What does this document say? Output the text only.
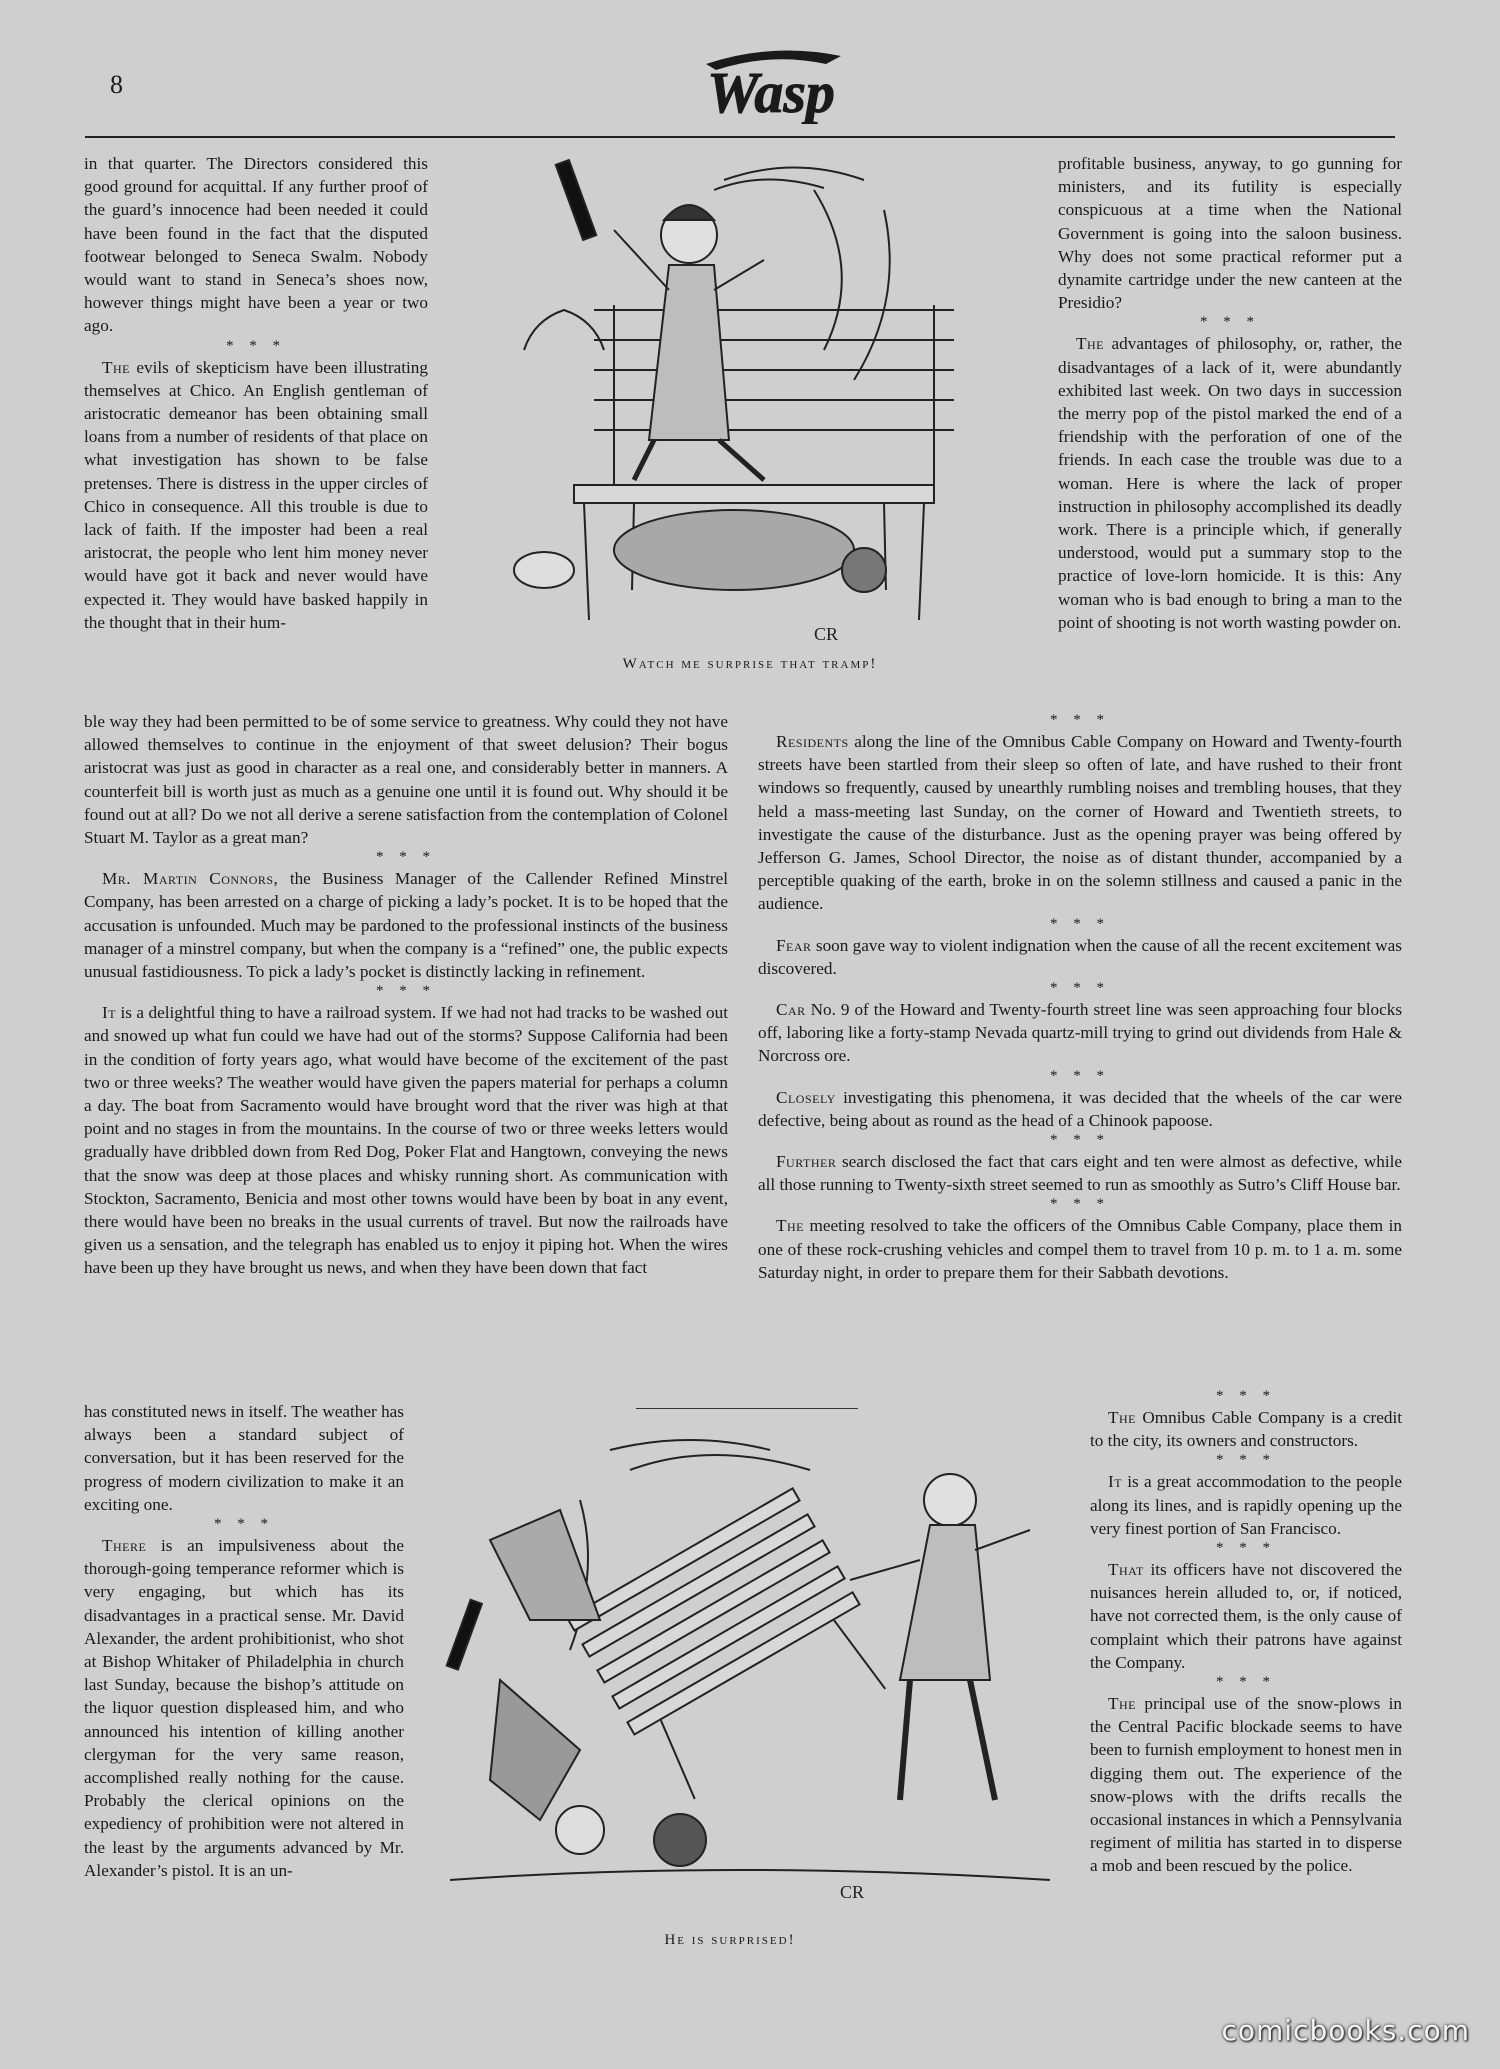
8	Wasp

in that quarter. The Directors considered this good ground for acquittal. If any further proof of the guard’s innocence had been needed it could have been found in the fact that the disputed footwear belonged to Seneca Swalm. Nobody would want to stand in Seneca’s shoes now, however things might have been a year or two ago.

* * *

The evils of skepticism have been illustrating themselves at Chico. An English gentleman of aristocratic demeanor has been obtaining small loans from a number of residents of that place on what investigation has shown to be false pretenses. There is distress in the upper circles of Chico in consequence. All this trouble is due to lack of faith. If the imposter had been a real aristocrat, the people who lent him money never would have got it back and never would have expected it. They would have basked happily in the thought that in their hum-

CR
Watch me surprise that tramp!

profitable business, anyway, to go gunning for ministers, and its futility is especially conspicuous at a time when the National Government is going into the saloon business. Why does not some practical reformer put a dynamite cartridge under the new canteen at the Presidio?

* * *

The advantages of philosophy, or, rather, the disadvantages of a lack of it, were abundantly exhibited last week. On two days in succession the merry pop of the pistol marked the end of a friendship with the perforation of one of the friends. In each case the trouble was due to a woman. Here is where the lack of proper instruction in philosophy accomplished its deadly work. There is a principle which, if generally understood, would put a summary stop to the practice of love-lorn homicide. It is this: Any woman who is bad enough to bring a man to the point of shooting is not worth wasting powder on.

ble way they had been permitted to be of some service to greatness. Why could they not have allowed themselves to continue in the enjoyment of that sweet delusion? Their bogus aristocrat was just as good in character as a real one, and considerably better in manners. A counterfeit bill is worth just as much as a genuine one until it is found out. Why should it be found out at all? Do we not all derive a serene satisfaction from the contemplation of Colonel Stuart M. Taylor as a great man?

* * *

Mr. Martin Connors, the Business Manager of the Callender Refined Minstrel Company, has been arrested on a charge of picking a lady’s pocket. It is to be hoped that the accusation is unfounded. Much may be pardoned to the professional instincts of the business manager of a minstrel company, but when the company is a “refined” one, the public expects unusual fastidiousness. To pick a lady’s pocket is distinctly lacking in refinement.

* * *

It is a delightful thing to have a railroad system. If we had not had tracks to be washed out and snowed up what fun could we have had out of the storms? Suppose California had been in the condition of forty years ago, what would have become of the excitement of the past two or three weeks? The weather would have given the papers material for perhaps a column a day. The boat from Sacramento would have brought word that the river was high at that point and no stages in from the mountains. In the course of two or three weeks letters would gradually have dribbled down from Red Dog, Poker Flat and Hangtown, conveying the news that the snow was deep at those places and whisky running short. As communication with Stockton, Sacramento, Benicia and most other towns would have been by boat in any event, there would have been no breaks in the usual currents of travel. But now the railroads have given us a sensation, and the telegraph has enabled us to enjoy it piping hot. When the wires have been up they have brought us news, and when they have been down that fact

* * *

Residents along the line of the Omnibus Cable Company on Howard and Twenty-fourth streets have been startled from their sleep so often of late, and have rushed to their front windows so frequently, caused by unearthly rumbling noises and trembling houses, that they held a mass-meeting last Sunday, on the corner of Howard and Twentieth streets, to investigate the cause of the disturbance. Just as the opening prayer was being offered by Jefferson G. James, School Director, the noise as of distant thunder, accompanied by a perceptible quaking of the earth, broke in on the solemn stillness and caused a panic in the audience.

* * *

Fear soon gave way to violent indignation when the cause of all the recent excitement was discovered.

* * *

Car No. 9 of the Howard and Twenty-fourth street line was seen approaching four blocks off, laboring like a forty-stamp Nevada quartz-mill trying to grind out dividends from Hale & Norcross ore.

* * *

Closely investigating this phenomena, it was decided that the wheels of the car were defective, being about as round as the head of a Chinook papoose.

* * *

Further search disclosed the fact that cars eight and ten were almost as defective, while all those running to Twenty-sixth street seemed to run as smoothly as Sutro’s Cliff House bar.

* * *

The meeting resolved to take the officers of the Omnibus Cable Company, place them in one of these rock-crushing vehicles and compel them to travel from 10 p. m. to 1 a. m. some Saturday night, in order to prepare them for their Sabbath devotions.

has constituted news in itself. The weather has always been a standard subject of conversation, but it has been reserved for the progress of modern civilization to make it an exciting one.

* * *

There is an impulsiveness about the thorough-going temperance reformer which is very engaging, but which has its disadvantages in a practical sense. Mr. David Alexander, the ardent prohibitionist, who shot at Bishop Whitaker of Philadelphia in church last Sunday, because the bishop’s attitude on the liquor question displeased him, and who announced his intention of killing another clergyman for the very same reason, accomplished really nothing for the cause. Probably the clerical opinions on the expediency of prohibition were not altered in the least by the arguments advanced by Mr. Alexander’s pistol. It is an un-

CR
He is surprised!

* * *

The Omnibus Cable Company is a credit to the city, its owners and constructors.

* * *

It is a great accommodation to the people along its lines, and is rapidly opening up the very finest portion of San Francisco.

* * *

That its officers have not discovered the nuisances herein alluded to, or, if noticed, have not corrected them, is the only cause of complaint which their patrons have against the Company.

* * *

The principal use of the snow-plows in the Central Pacific blockade seems to have been to furnish employment to honest men in digging them out. The experience of the snow-plows with the drifts recalls the occasional instances in which a Pennsylvania regiment of militia has started in to disperse a mob and been rescued by the police.

comicbooks.com
